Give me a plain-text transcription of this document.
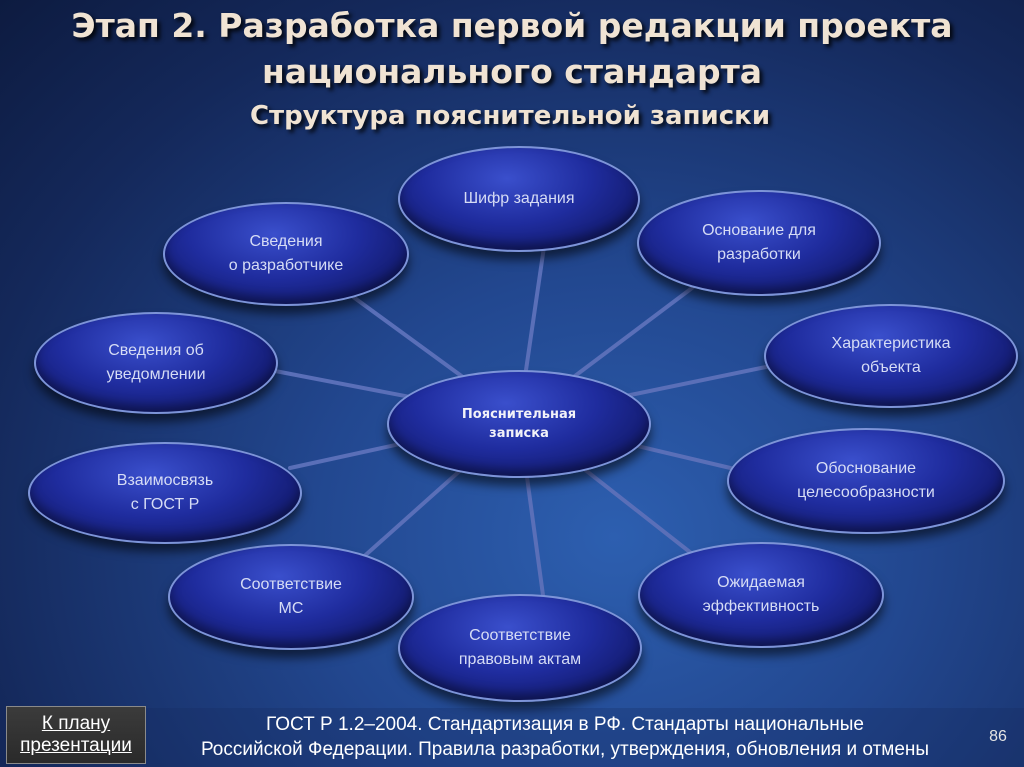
Этап 2. Разработка первой редакции проекта
национального стандарта
Структура пояснительной записки
Шифр задания
Основание для
разработки
Характеристика
объекта
Обоснование
целесообразности
Ожидаемая
эффективность
Соответствие
правовым актам
Соответствие
МС
Взаимосвязь
с ГОСТ Р
Сведения об
уведомлении
Сведения
о разработчике
Пояснительная
записка
К плану
презентации
ГОСТ Р 1.2–2004. Стандартизация в РФ. Стандарты национальные
Российской Федерации. Правила разработки, утверждения, обновления и отмены
86
